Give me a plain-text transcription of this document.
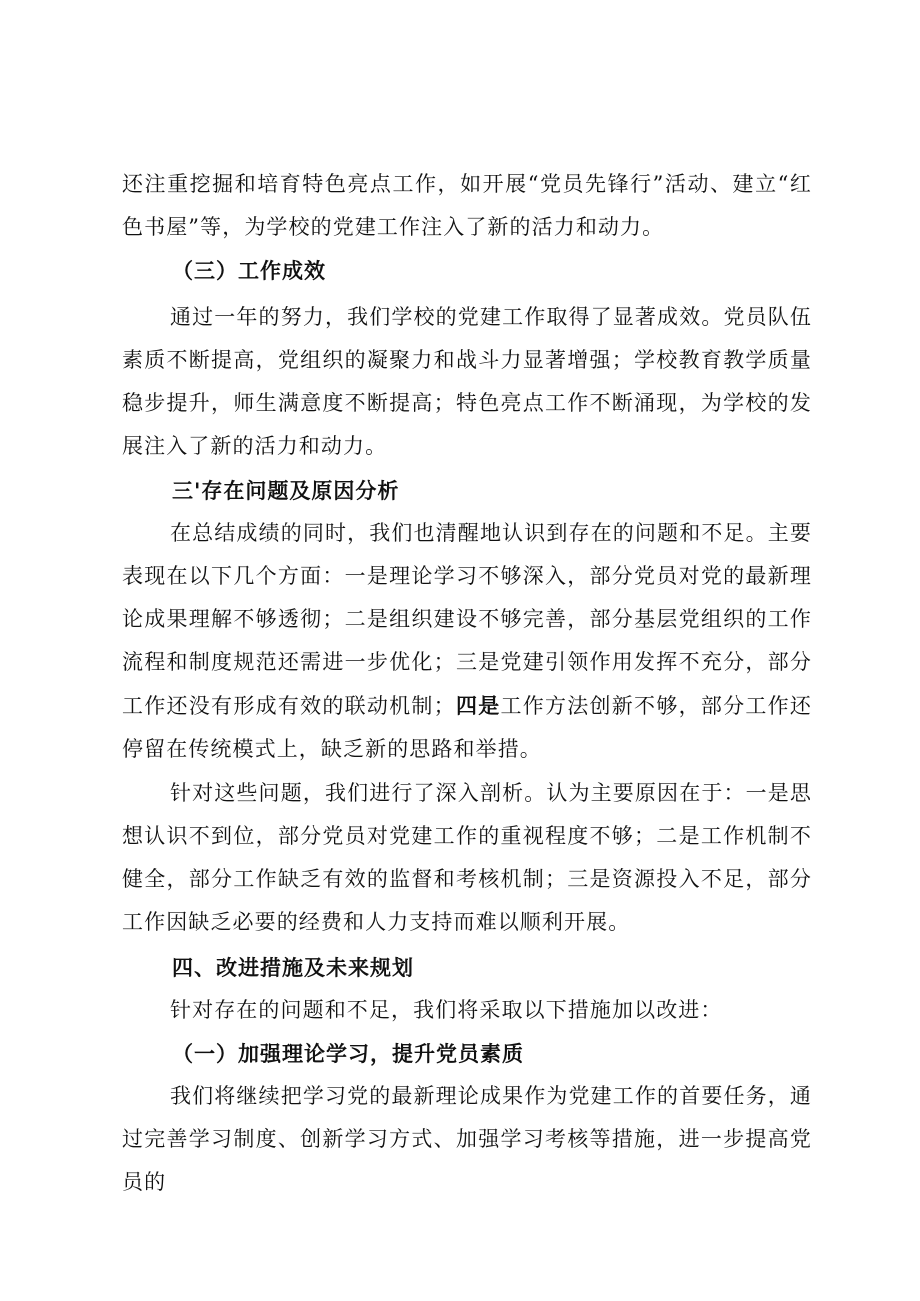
还注重挖掘和培育特色亮点工作，如开展“党员先锋行”活动、建立“红色书屋”等，为学校的党建工作注入了新的活力和动力。

（三）工作成效

通过一年的努力，我们学校的党建工作取得了显著成效。党员队伍素质不断提高，党组织的凝聚力和战斗力显著增强；学校教育教学质量稳步提升，师生满意度不断提高；特色亮点工作不断涌现，为学校的发展注入了新的活力和动力。

三'存在问题及原因分析

在总结成绩的同时，我们也清醒地认识到存在的问题和不足。主要表现在以下几个方面：一是理论学习不够深入，部分党员对党的最新理论成果理解不够透彻；二是组织建设不够完善，部分基层党组织的工作流程和制度规范还需进一步优化；三是党建引领作用发挥不充分，部分工作还没有形成有效的联动机制；四是工作方法创新不够，部分工作还停留在传统模式上，缺乏新的思路和举措。

针对这些问题，我们进行了深入剖析。认为主要原因在于：一是思想认识不到位，部分党员对党建工作的重视程度不够；二是工作机制不健全，部分工作缺乏有效的监督和考核机制；三是资源投入不足，部分工作因缺乏必要的经费和人力支持而难以顺利开展。

四、改进措施及未来规划

针对存在的问题和不足，我们将采取以下措施加以改进：

（一）加强理论学习，提升党员素质

我们将继续把学习党的最新理论成果作为党建工作的首要任务，通过完善学习制度、创新学习方式、加强学习考核等措施，进一步提高党员的
